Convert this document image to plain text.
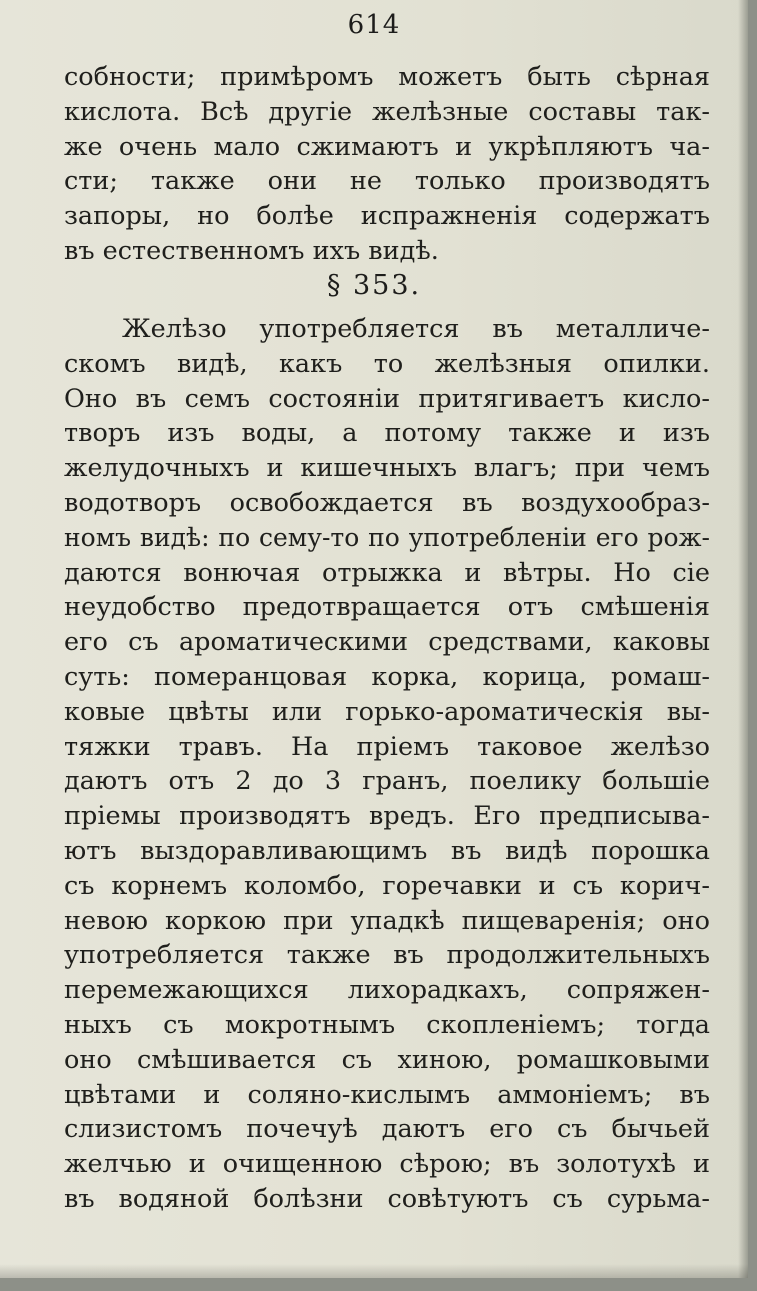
614
собности; примѣромъ можетъ быть сѣрная
кислота. Всѣ другіе желѣзные составы так-
же очень мало сжимаютъ и укрѣпляютъ ча-
сти; также они не только производятъ
запоры, но болѣе испражненія содержатъ
въ естественномъ ихъ видѣ.
§ 353.
Желѣзо употребляется въ металличе-
скомъ видѣ, какъ то желѣзныя опилки.
Оно въ семъ состояніи притягиваетъ кисло-
творъ изъ воды, а потому также и изъ
желудочныхъ и кишечныхъ влагъ; при чемъ
водотворъ освобождается въ воздухообраз-
номъ видѣ: по сему-то по употребленіи его рож-
даются вонючая отрыжка и вѣтры. Но сіе
неудобство предотвращается отъ смѣшенія
его съ ароматическими средствами, каковы
суть: померанцовая корка, корица, ромаш-
ковые цвѣты или горько-ароматическія вы-
тяжки травъ. На пріемъ таковое желѣзо
даютъ отъ 2 до 3 гранъ, поелику большіе
пріемы производятъ вредъ. Его предписыва-
ютъ выздоравливающимъ въ видѣ порошка
съ корнемъ коломбо, горечавки и съ корич-
невою коркою при упадкѣ пищеваренія; оно
употребляется также въ продолжительныхъ
перемежающихся лихорадкахъ, сопряжен-
ныхъ съ мокротнымъ скопленіемъ; тогда
оно смѣшивается съ хиною, ромашковыми
цвѣтами и соляно-кислымъ аммоніемъ; въ
слизистомъ почечуѣ даютъ его съ бычьей
желчью и очищенною сѣрою; въ золотухѣ и
въ водяной болѣзни совѣтуютъ съ сурьма-
